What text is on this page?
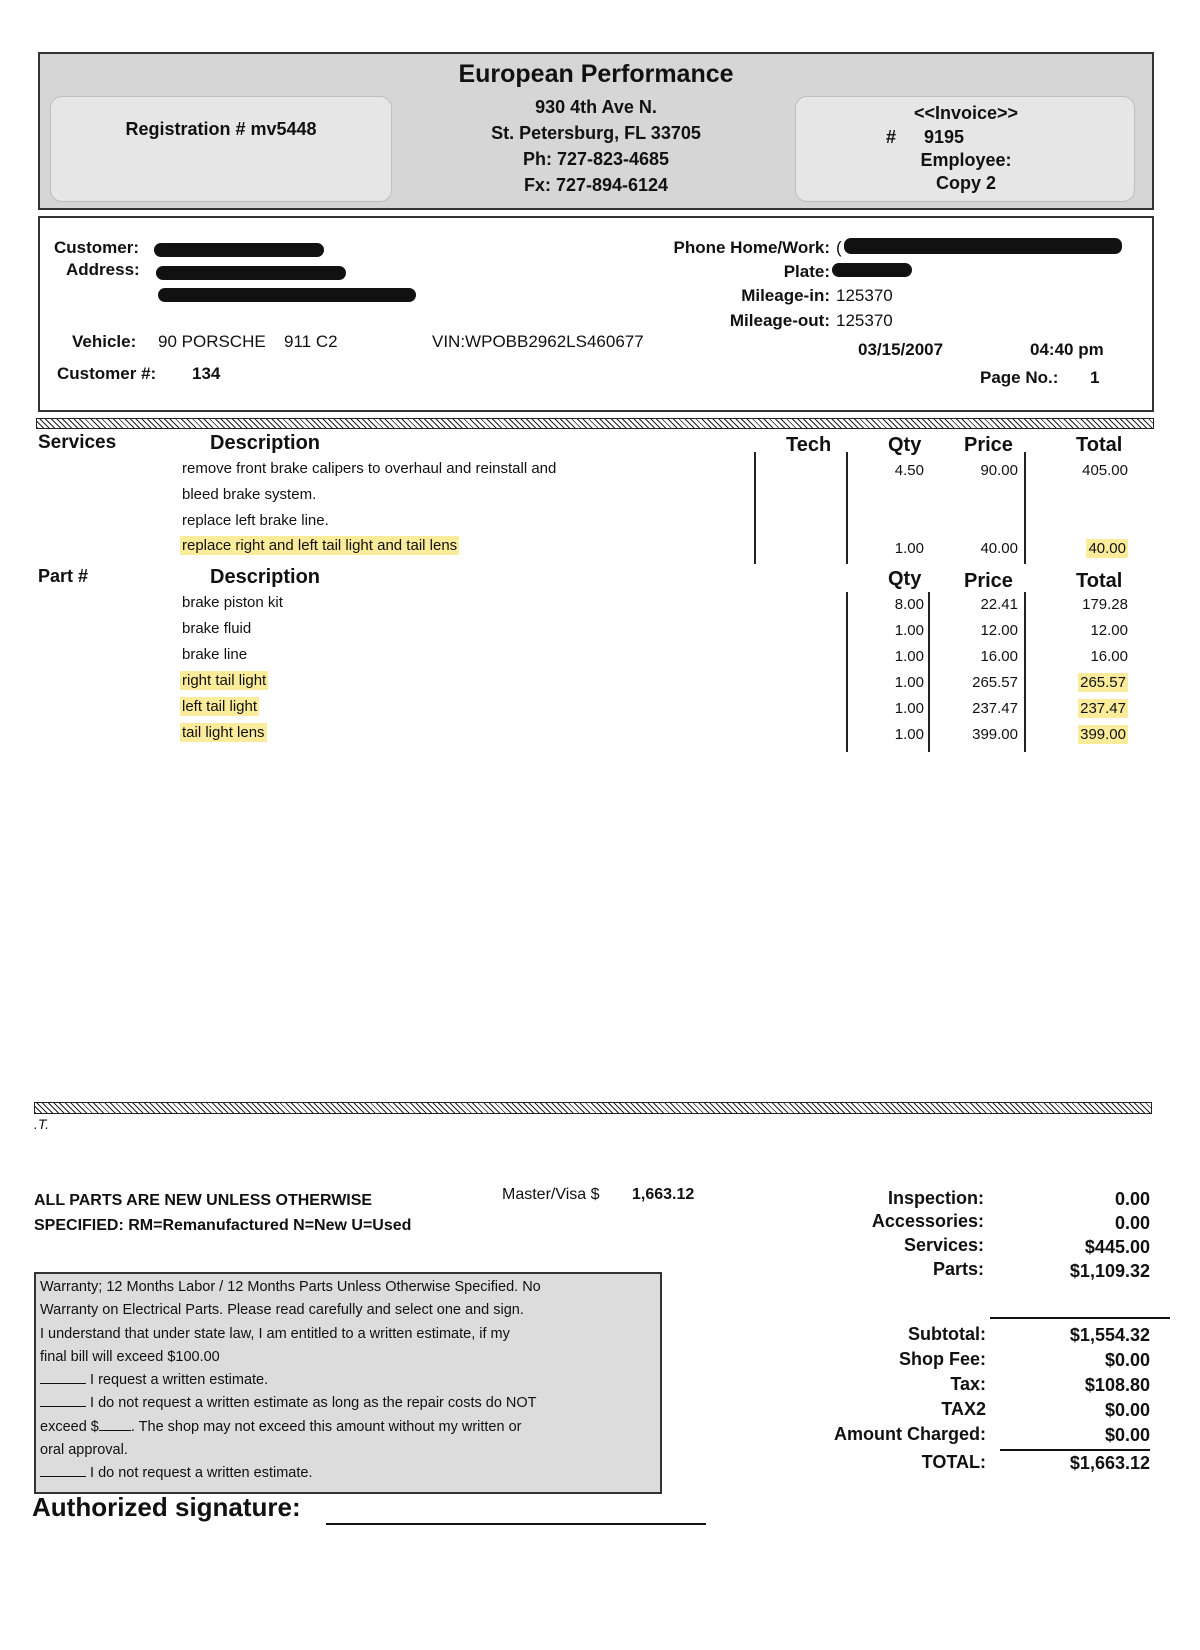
European Performance
Registration # mv5448
930 4th Ave N.
St. Petersburg, FL 33705
Ph: 727-823-4685
Fx: 727-894-6124
<<Invoice>>
# 9195
Employee:
Copy 2
Customer:
Address:
Phone Home/Work: (
Plate:
Mileage-in: 125370
Mileage-out: 125370
Vehicle: 90 PORSCHE 911 C2	VIN:WPOBB2962LS460677	03/15/2007	04:40 pm
Customer #: 134	Page No.: 1
Services	Description	Tech	Qty Price	Total
remove front brake calipers to overhaul and reinstall and	4.50	90.00	405.00
bleed brake system.
replace left brake line.
replace right and left tail light and tail lens	1.00	40.00	40.00
Part #	Description	Qty Price	Total
brake piston kit	8.00	22.41	179.28
brake fluid	1.00	12.00	12.00
brake line	1.00	16.00	16.00
right tail light	1.00	265.57	265.57
left tail light	1.00	237.47	237.47
tail light lens	1.00	399.00	399.00
.T.
ALL PARTS ARE NEW UNLESS OTHERWISE
SPECIFIED: RM=Remanufactured N=New U=Used
Master/Visa $ 1,663.12
Warranty; 12 Months Labor / 12 Months Parts Unless Otherwise Specified. No
Warranty on Electrical Parts. Please read carefully and select one and sign.
I understand that under state law, I am entitled to a written estimate, if my
final bill will exceed $100.00
I request a written estimate.
I do not request a written estimate as long as the repair costs do NOT
exceed $ . The shop may not exceed this amount without my written or
oral approval.
I do not request a written estimate.
Authorized signature:
Inspection:	0.00
Accessories:	0.00
Services:	$445.00
Parts:	$1,109.32
Subtotal:	$1,554.32
Shop Fee:	$0.00
Tax:	$108.80
TAX2	$0.00
Amount Charged:	$0.00
TOTAL:	$1,663.12
